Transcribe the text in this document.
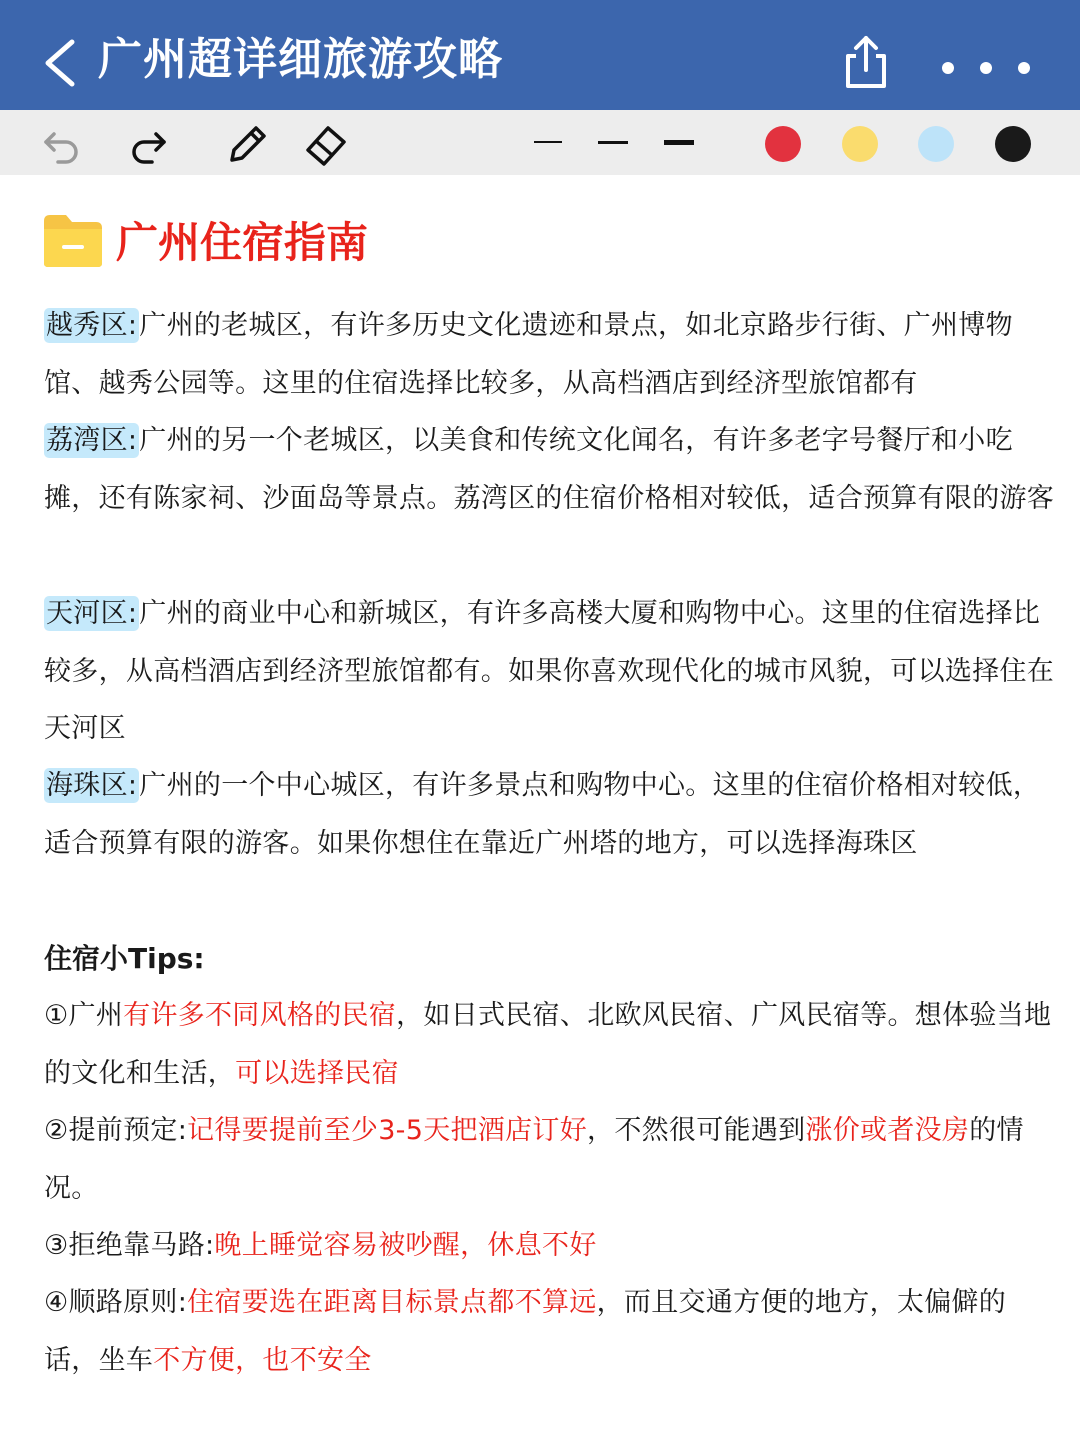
广州超详细旅游攻略
广州住宿指南
越秀区:广州的老城区，有许多历史文化遗迹和景点，如北京路步行街、广州博物馆、越秀公园等。这里的住宿选择比较多，从高档酒店到经济型旅馆都有
荔湾区:广州的另一个老城区，以美食和传统文化闻名，有许多老字号餐厅和小吃摊，还有陈家祠、沙面岛等景点。荔湾区的住宿价格相对较低，适合预算有限的游客
天河区:广州的商业中心和新城区，有许多高楼大厦和购物中心。这里的住宿选择比较多，从高档酒店到经济型旅馆都有。如果你喜欢现代化的城市风貌，可以选择住在天河区
海珠区:广州的一个中心城区，有许多景点和购物中心。这里的住宿价格相对较低，适合预算有限的游客。如果你想住在靠近广州塔的地方，可以选择海珠区
住宿小Tips:
①广州有许多不同风格的民宿，如日式民宿、北欧风民宿、广风民宿等。想体验当地的文化和生活，可以选择民宿
②提前预定:记得要提前至少3-5天把酒店订好，不然很可能遇到涨价或者没房的情况。
③拒绝靠马路:晚上睡觉容易被吵醒，休息不好
④顺路原则:住宿要选在距离目标景点都不算远，而且交通方便的地方，太偏僻的话，坐车不方便，也不安全
